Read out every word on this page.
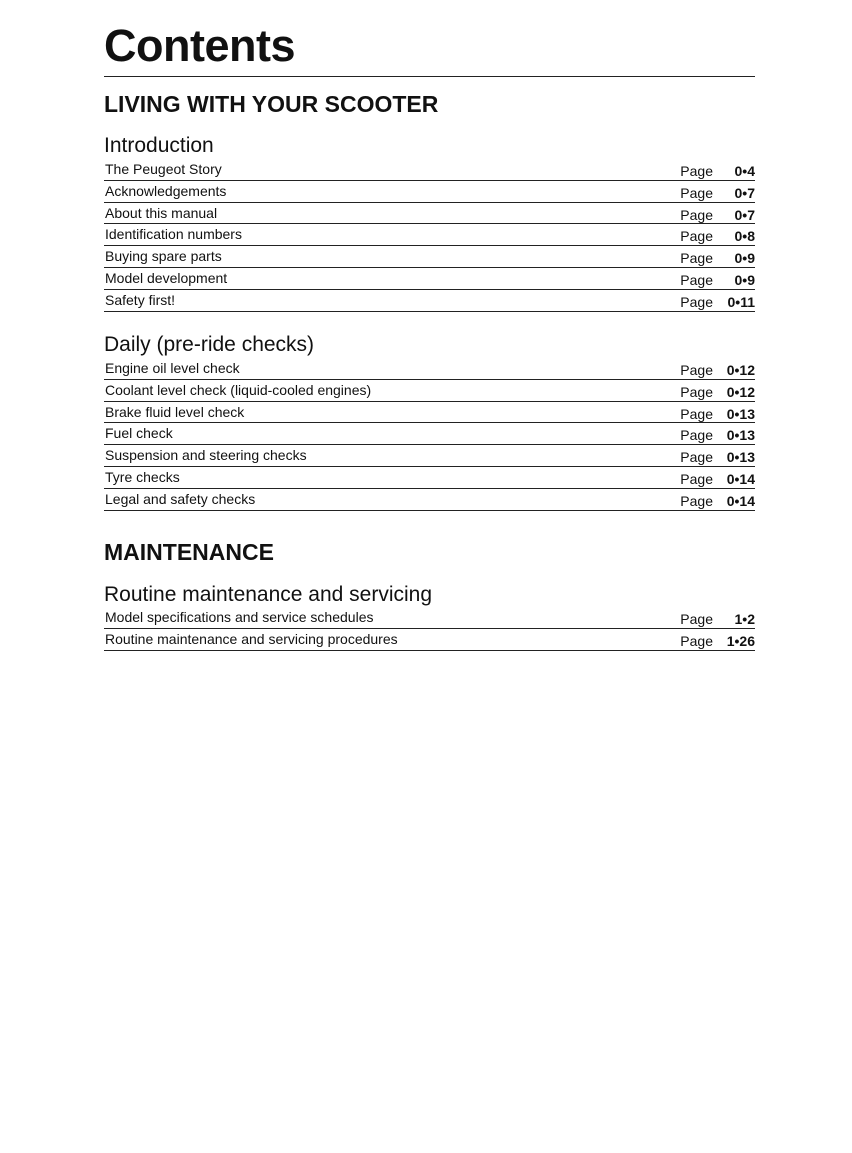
Contents
LIVING WITH YOUR SCOOTER
Introduction
The Peugeot Story	Page 0•4
Acknowledgements	Page 0•7
About this manual	Page 0•7
Identification numbers	Page 0•8
Buying spare parts	Page 0•9
Model development	Page 0•9
Safety first!	Page 0•11
Daily (pre-ride checks)
Engine oil level check	Page 0•12
Coolant level check (liquid-cooled engines)	Page 0•12
Brake fluid level check	Page 0•13
Fuel check	Page 0•13
Suspension and steering checks	Page 0•13
Tyre checks	Page 0•14
Legal and safety checks	Page 0•14
MAINTENANCE
Routine maintenance and servicing
Model specifications and service schedules	Page 1•2
Routine maintenance and servicing procedures	Page 1•26
